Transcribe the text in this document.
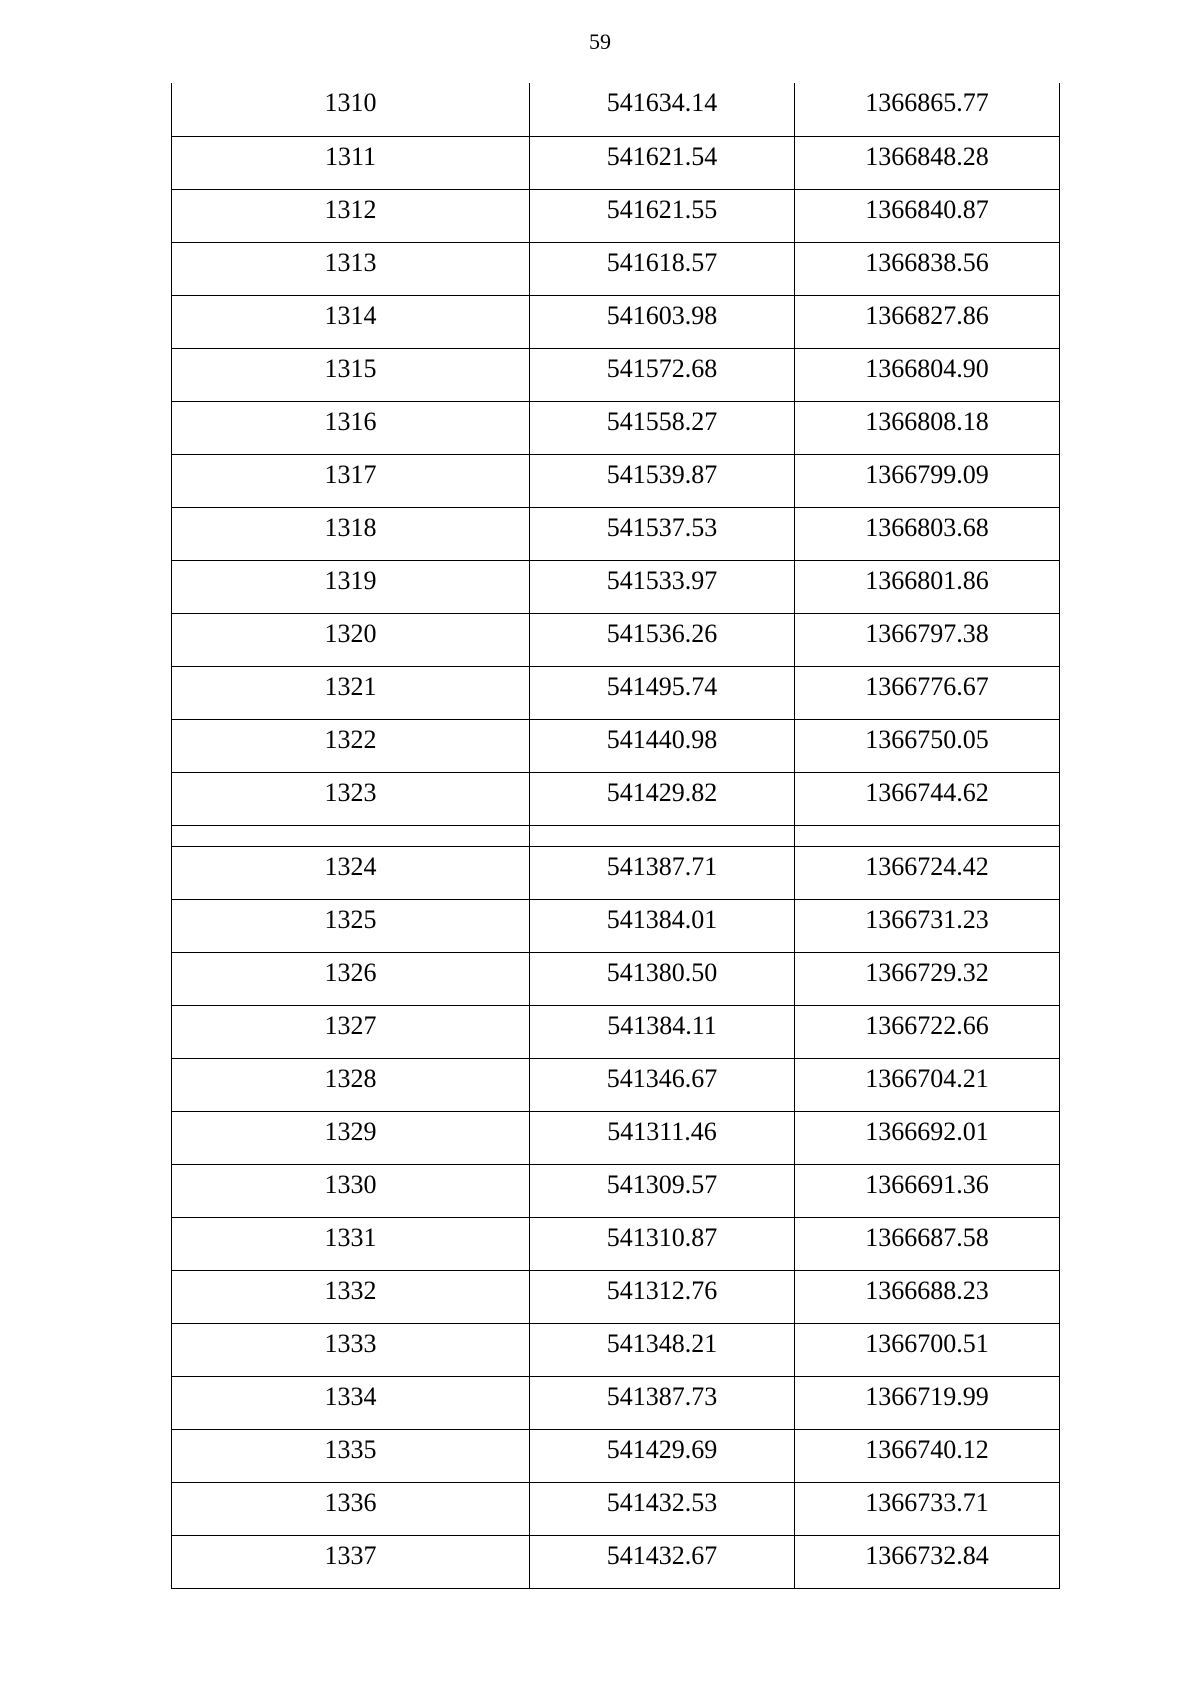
59
1310	541634.14	1366865.77
1311	541621.54	1366848.28
1312	541621.55	1366840.87
1313	541618.57	1366838.56
1314	541603.98	1366827.86
1315	541572.68	1366804.90
1316	541558.27	1366808.18
1317	541539.87	1366799.09
1318	541537.53	1366803.68
1319	541533.97	1366801.86
1320	541536.26	1366797.38
1321	541495.74	1366776.67
1322	541440.98	1366750.05
1323	541429.82	1366744.62

1324	541387.71	1366724.42
1325	541384.01	1366731.23
1326	541380.50	1366729.32
1327	541384.11	1366722.66
1328	541346.67	1366704.21
1329	541311.46	1366692.01
1330	541309.57	1366691.36
1331	541310.87	1366687.58
1332	541312.76	1366688.23
1333	541348.21	1366700.51
1334	541387.73	1366719.99
1335	541429.69	1366740.12
1336	541432.53	1366733.71
1337	541432.67	1366732.84
